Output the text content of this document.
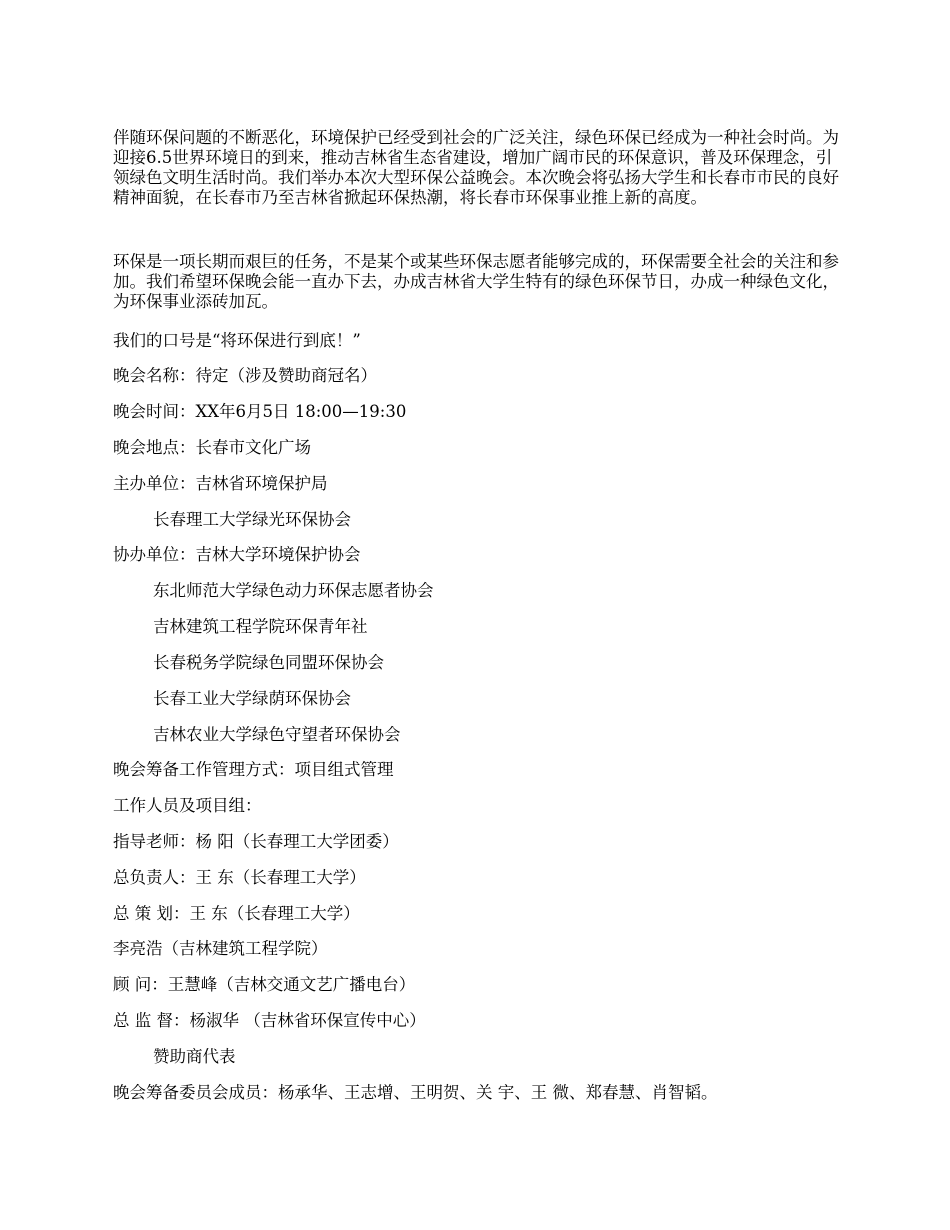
伴随环保问题的不断恶化，环境保护已经受到社会的广泛关注，绿色环保已经成为一种社会时尚。为迎接6.5世界环境日的到来，推动吉林省生态省建设，增加广阔市民的环保意识，普及环保理念，引领绿色文明生活时尚。我们举办本次大型环保公益晚会。本次晚会将弘扬大学生和长春市市民的良好精神面貌，在长春市乃至吉林省掀起环保热潮，将长春市环保事业推上新的高度。

环保是一项长期而艰巨的任务，不是某个或某些环保志愿者能够完成的，环保需要全社会的关注和参加。我们希望环保晚会能一直办下去，办成吉林省大学生特有的绿色环保节日，办成一种绿色文化，为环保事业添砖加瓦。

我们的口号是“将环保进行到底！”

晚会名称：待定（涉及赞助商冠名）

晚会时间：XX年6月5日 18:00—19:30

晚会地点：长春市文化广场

主办单位：吉林省环境保护局

长春理工大学绿光环保协会

协办单位：吉林大学环境保护协会

东北师范大学绿色动力环保志愿者协会

吉林建筑工程学院环保青年社

长春税务学院绿色同盟环保协会

长春工业大学绿荫环保协会

吉林农业大学绿色守望者环保协会

晚会筹备工作管理方式：项目组式管理

工作人员及项目组：

指导老师：杨 阳（长春理工大学团委）

总负责人：王 东（长春理工大学）

总 策 划：王 东（长春理工大学）

李亮浩（吉林建筑工程学院）

顾 问：王慧峰（吉林交通文艺广播电台）

总 监 督：杨淑华 （吉林省环保宣传中心）

赞助商代表

晚会筹备委员会成员：杨承华、王志增、王明贺、关 宇、王 微、郑春慧、肖智韬。
